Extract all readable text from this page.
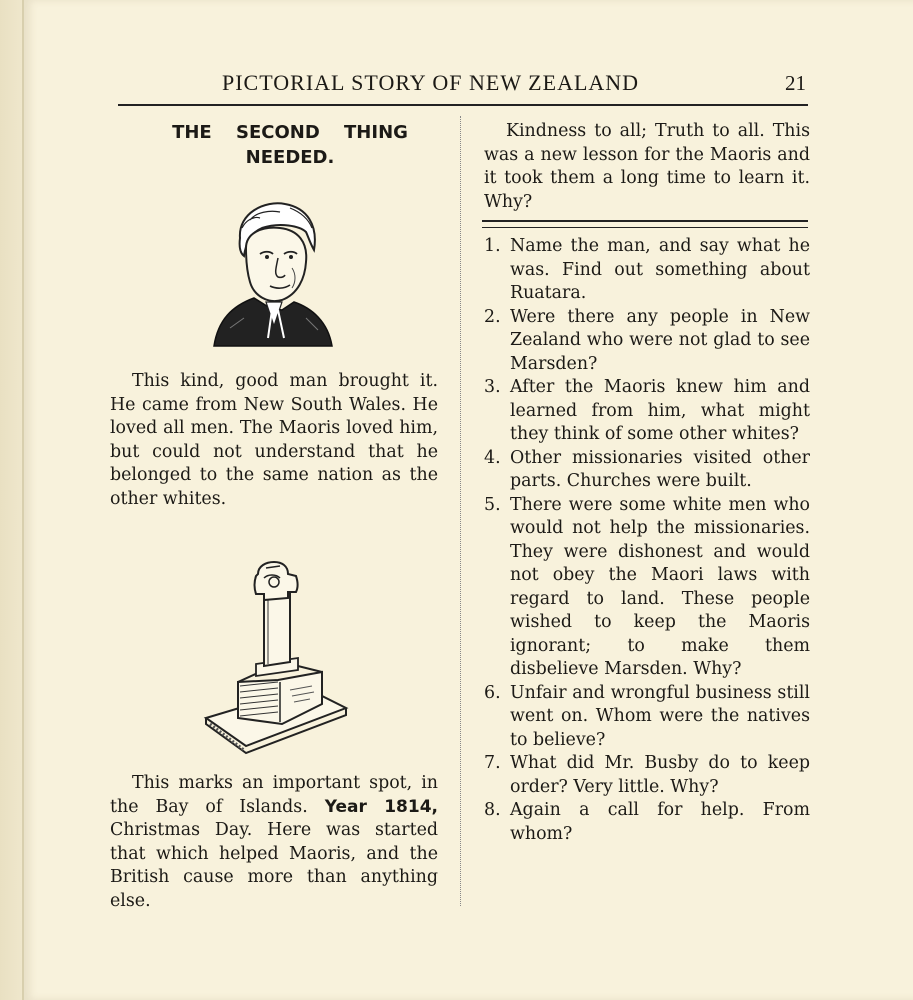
PICTORIAL STORY OF NEW ZEALAND	21
THE SECOND THING NEEDED.

This kind, good man brought it. He came from New South Wales. He loved all men. The Maoris loved him, but could not understand that he belonged to the same nation as the other whites.

This marks an important spot, in the Bay of Islands. Year 1814, Christmas Day. Here was started that which helped Maoris, and the British cause more than anything else.

Kindness to all; Truth to all. This was a new lesson for the Maoris and it took them a long time to learn it. Why?

1. Name the man, and say what he was. Find out something about Ruatara.
2. Were there any people in New Zealand who were not glad to see Marsden?
3. After the Maoris knew him and learned from him, what might they think of some other whites?
4. Other missionaries visited other parts. Churches were built.
5. There were some white men who would not help the missionaries. They were dishonest and would not obey the Maori laws with regard to land. These people wished to keep the Maoris ignorant; to make them disbelieve Marsden. Why?
6. Unfair and wrongful business still went on. Whom were the natives to believe?
7. What did Mr. Busby do to keep order? Very little. Why?
8. Again a call for help. From whom?
